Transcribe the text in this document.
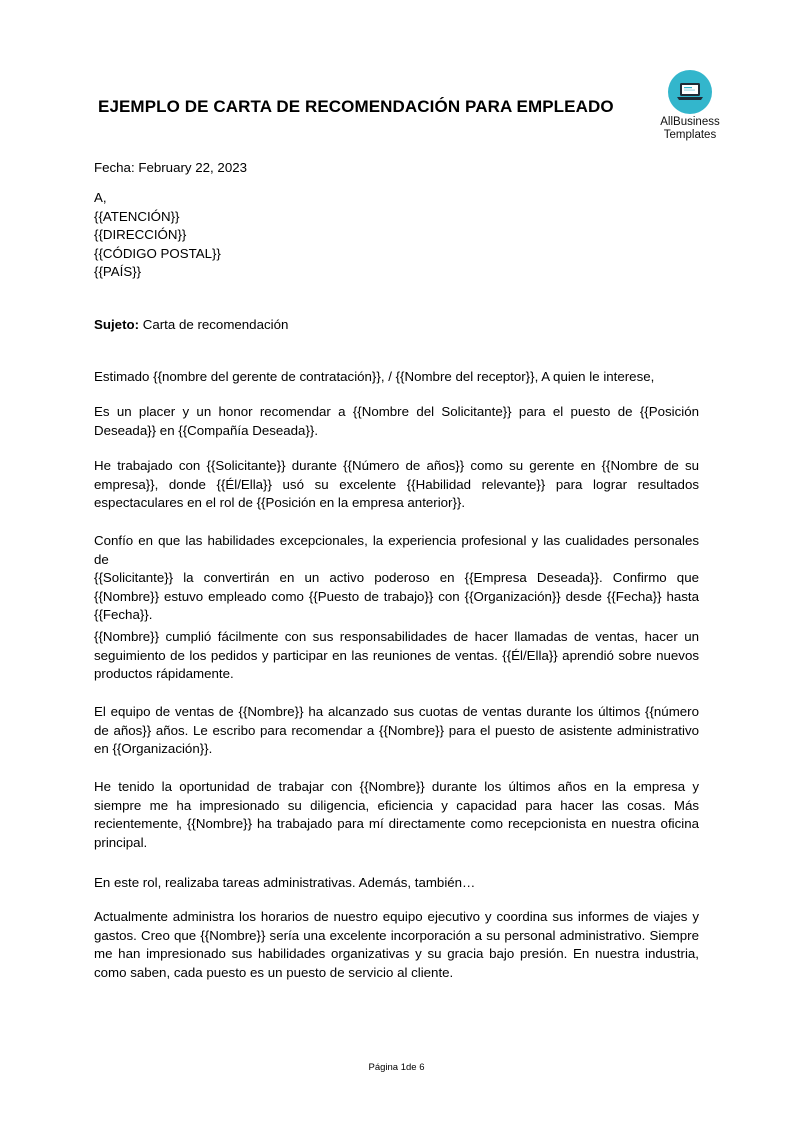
EJEMPLO DE CARTA DE RECOMENDACIÓN PARA EMPLEADO
AllBusiness
Templates
Fecha: February 22, 2023
A,
{{ATENCIÓN}}
{{DIRECCIÓN}}
{{CÓDIGO POSTAL}}
{{PAÍS}}
Sujeto: Carta de recomendación
Estimado {{nombre del gerente de contratación}}, / {{Nombre del receptor}}, A quien le interese,
Es un placer y un honor recomendar a {{Nombre del Solicitante}} para el puesto de {{Posición
Deseada}} en {{Compañía Deseada}}.
He trabajado con {{Solicitante}} durante {{Número de años}} como su gerente en {{Nombre de su
empresa}}, donde {{Él/Ella}} usó su excelente {{Habilidad relevante}} para lograr resultados
espectaculares en el rol de {{Posición en la empresa anterior}}.
Confío en que las habilidades excepcionales, la experiencia profesional y las cualidades personales de
{{Solicitante}} la convertirán en un activo poderoso en {{Empresa Deseada}}. Confirmo que
{{Nombre}} estuvo empleado como {{Puesto de trabajo}} con {{Organización}} desde {{Fecha}} hasta
{{Fecha}}.
{{Nombre}} cumplió fácilmente con sus responsabilidades de hacer llamadas de ventas, hacer un
seguimiento de los pedidos y participar en las reuniones de ventas. {{Él/Ella}} aprendió sobre nuevos
productos rápidamente.
El equipo de ventas de {{Nombre}} ha alcanzado sus cuotas de ventas durante los últimos {{número
de años}} años. Le escribo para recomendar a {{Nombre}} para el puesto de asistente administrativo
en {{Organización}}.
He tenido la oportunidad de trabajar con {{Nombre}} durante los últimos años en la empresa y
siempre me ha impresionado su diligencia, eficiencia y capacidad para hacer las cosas. Más
recientemente, {{Nombre}} ha trabajado para mí directamente como recepcionista en nuestra oficina
principal.
En este rol, realizaba tareas administrativas. Además, también…
Actualmente administra los horarios de nuestro equipo ejecutivo y coordina sus informes de viajes y
gastos. Creo que {{Nombre}} sería una excelente incorporación a su personal administrativo. Siempre
me han impresionado sus habilidades organizativas y su gracia bajo presión. En nuestra industria,
como saben, cada puesto es un puesto de servicio al cliente.
Página 1de 6
